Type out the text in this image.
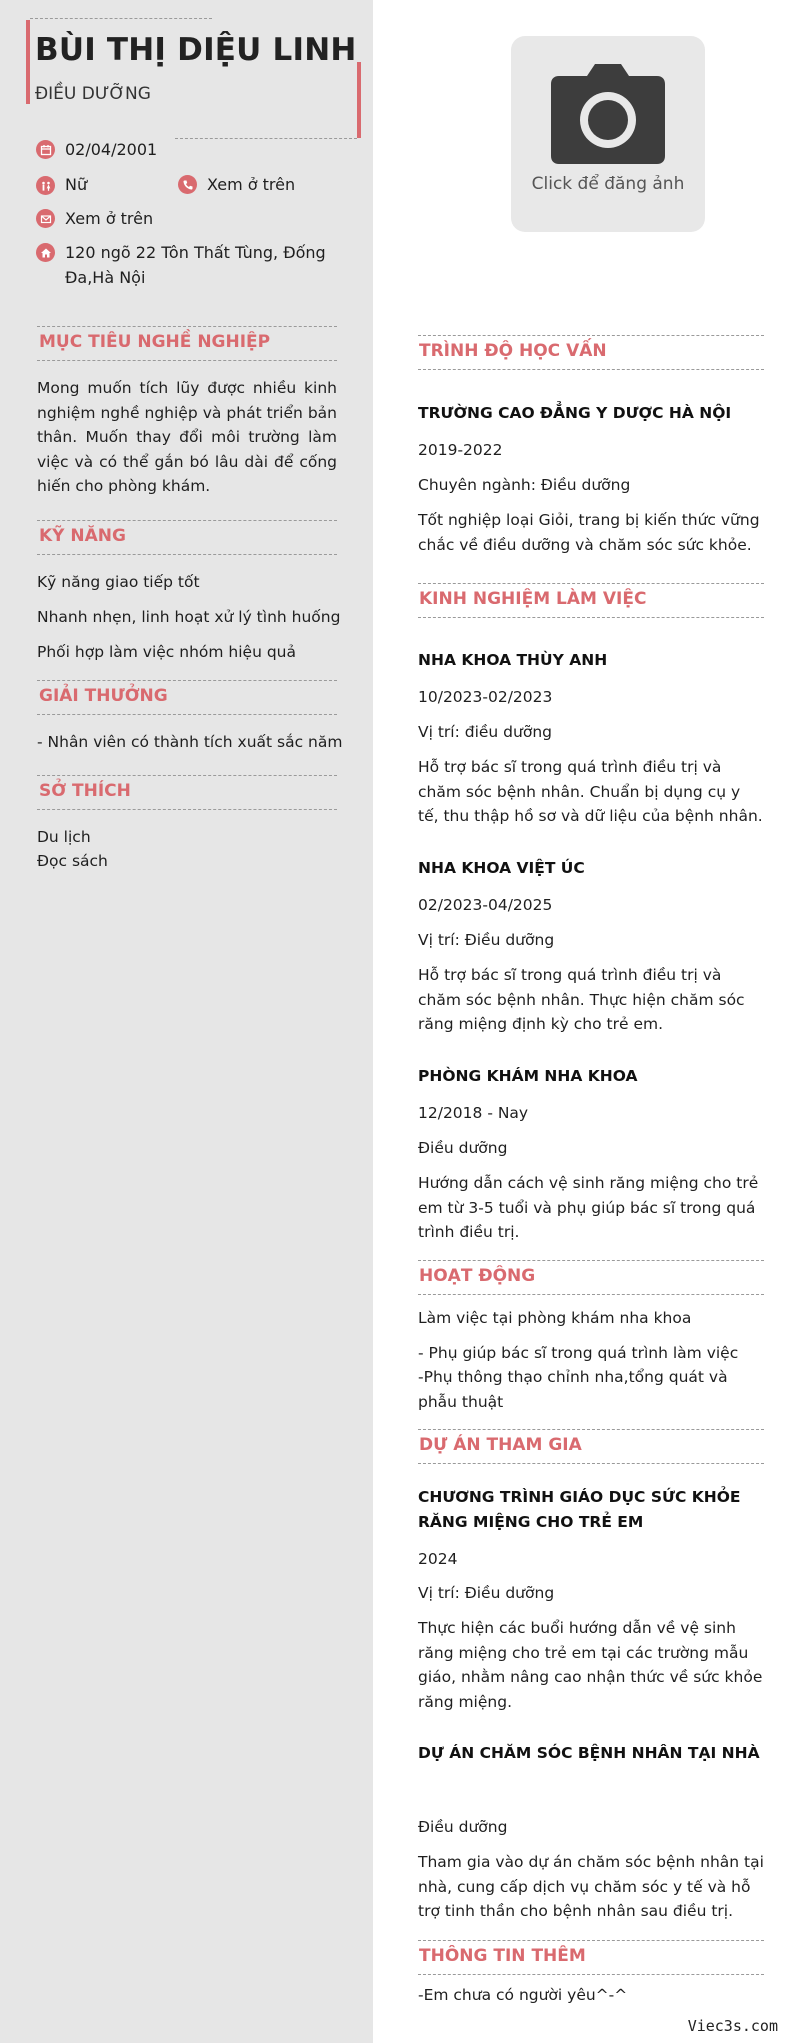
BÙI THỊ DIỆU LINH
ĐIỀU DƯỠNG
02/04/2001
Nữ	Xem ở trên
Xem ở trên
120 ngõ 22 Tôn Thất Tùng, Đống
Đa,Hà Nội
Click để đăng ảnh
MỤC TIÊU NGHỀ NGHIỆP
Mong muốn tích lũy được nhiều kinh nghiệm nghề nghiệp và phát triển bản thân. Muốn thay đổi môi trường làm việc và có thể gắn bó lâu dài để cống hiến cho phòng khám.
KỸ NĂNG
Kỹ năng giao tiếp tốt
Nhanh nhẹn, linh hoạt xử lý tình huống
Phối hợp làm việc nhóm hiệu quả
GIẢI THƯỞNG
- Nhân viên có thành tích xuất sắc năm
SỞ THÍCH
Du lịch
Đọc sách
TRÌNH ĐỘ HỌC VẤN
TRƯỜNG CAO ĐẲNG Y DƯỢC HÀ NỘI
2019-2022
Chuyên ngành: Điều dưỡng
Tốt nghiệp loại Giỏi, trang bị kiến thức vững chắc về điều dưỡng và chăm sóc sức khỏe.
KINH NGHIỆM LÀM VIỆC
NHA KHOA THÙY ANH
10/2023-02/2023
Vị trí: điều dưỡng
Hỗ trợ bác sĩ trong quá trình điều trị và chăm sóc bệnh nhân. Chuẩn bị dụng cụ y tế, thu thập hồ sơ và dữ liệu của bệnh nhân.
NHA KHOA VIỆT ÚC
02/2023-04/2025
Vị trí: Điều dưỡng
Hỗ trợ bác sĩ trong quá trình điều trị và chăm sóc bệnh nhân. Thực hiện chăm sóc răng miệng định kỳ cho trẻ em.
PHÒNG KHÁM NHA KHOA
12/2018 - Nay
Điều dưỡng
Hướng dẫn cách vệ sinh răng miệng cho trẻ em từ 3-5 tuổi và phụ giúp bác sĩ trong quá trình điều trị.
HOẠT ĐỘNG
Làm việc tại phòng khám nha khoa
- Phụ giúp bác sĩ trong quá trình làm việc
-Phụ thông thạo chỉnh nha,tổng quát và phẫu thuật
DỰ ÁN THAM GIA
CHƯƠNG TRÌNH GIÁO DỤC SỨC KHỎE RĂNG MIỆNG CHO TRẺ EM
2024
Vị trí: Điều dưỡng
Thực hiện các buổi hướng dẫn về vệ sinh răng miệng cho trẻ em tại các trường mẫu giáo, nhằm nâng cao nhận thức về sức khỏe răng miệng.
DỰ ÁN CHĂM SÓC BỆNH NHÂN TẠI NHÀ
Điều dưỡng
Tham gia vào dự án chăm sóc bệnh nhân tại nhà, cung cấp dịch vụ chăm sóc y tế và hỗ trợ tinh thần cho bệnh nhân sau điều trị.
THÔNG TIN THÊM
-Em chưa có người yêu^-^
Viec3s.com
